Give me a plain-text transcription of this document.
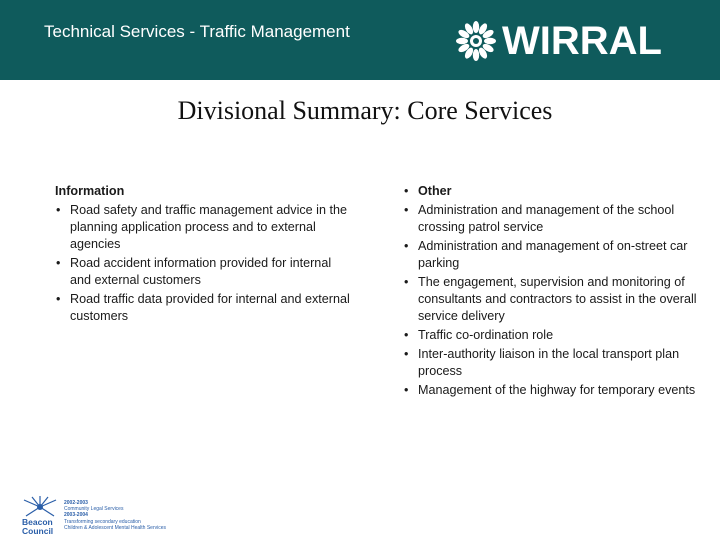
Technical Services - Traffic Management	WIRRAL
Divisional Summary: Core Services
Information
• Road safety and traffic management advice in the planning application process and to external agencies
• Road accident information provided for internal and external customers
• Road traffic data provided for internal and external customers
• Other
• Administration and management of the school crossing patrol service
• Administration and management of on-street car parking
• The engagement, supervision and monitoring of consultants and contractors to assist in the overall service delivery
• Traffic co-ordination role
• Inter-authority liaison in the local transport plan process
• Management of the highway for temporary events
Beacon
Council
2002-2003
Community Legal Services
2003-2004
Transforming secondary education
Children & Adolescent Mental Health Services
